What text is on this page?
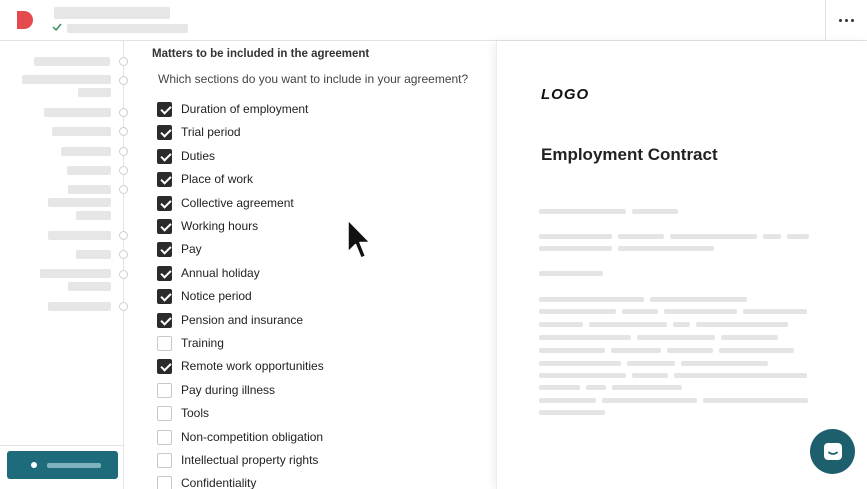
Matters to be included in the agreement
Which sections do you want to include in your agreement?
Duration of employment
Trial period
Duties
Place of work
Collective agreement
Working hours
Pay
Annual holiday
Notice period
Pension and insurance
Training
Remote work opportunities
Pay during illness
Tools
Non-competition obligation
Intellectual property rights
Confidentiality
LOGO
Employment Contract
